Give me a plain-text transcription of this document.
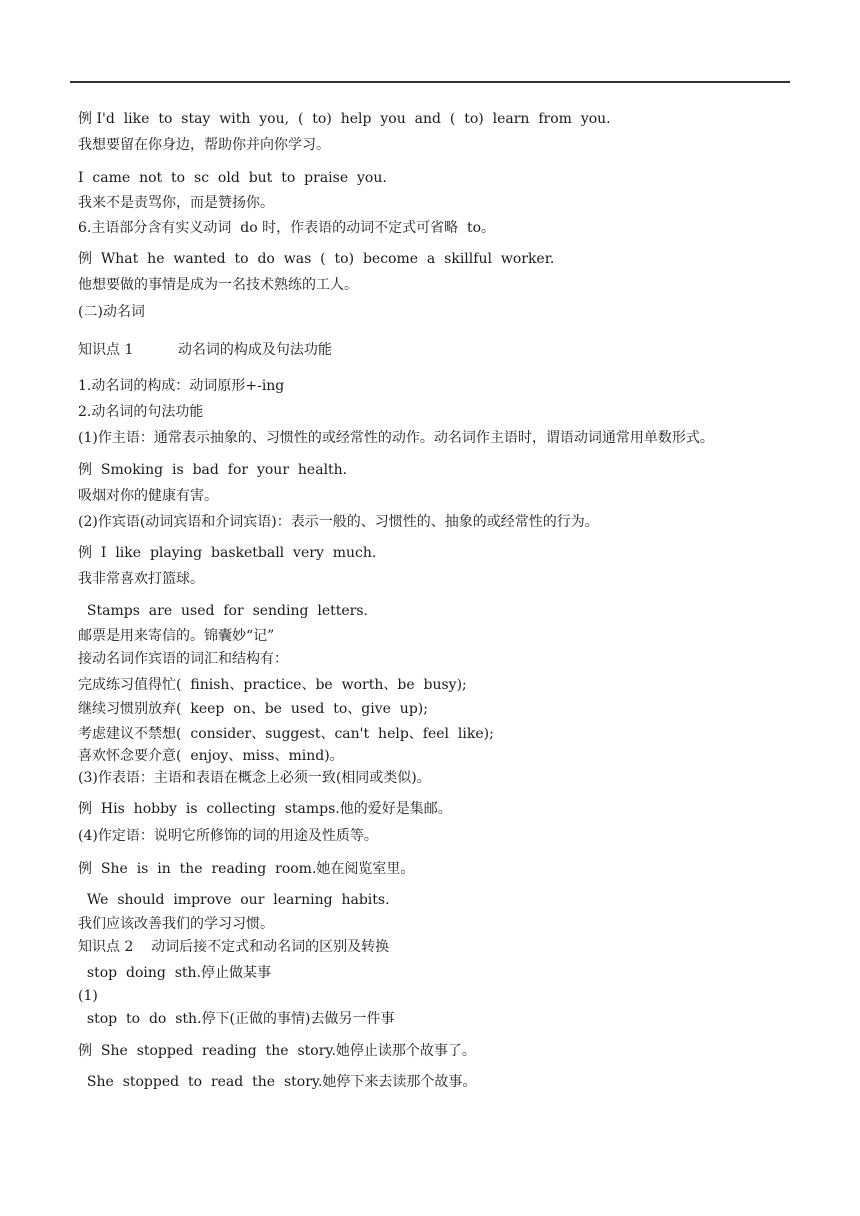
例 I'd  like  to  stay  with  you,  (  to)  help  you  and  (  to)  learn  from  you.
我想要留在你身边，帮助你并向你学习。
I  came  not  to  sc  old  but  to  praise  you.
我来不是责骂你，而是赞扬你。
6.主语部分含有实义动词  do 时，作表语的动词不定式可省略  to。
例  What  he  wanted  to  do  was  (  to)  become  a  skillful  worker.
他想要做的事情是成为一名技术熟练的工人。
(二)动名词
知识点 1          动名词的构成及句法功能
1.动名词的构成：动词原形+-ing
2.动名词的句法功能
(1)作主语：通常表示抽象的、习惯性的或经常性的动作。动名词作主语时，谓语动词通常用单数形式。
例  Smoking  is  bad  for  your  health.
吸烟对你的健康有害。
(2)作宾语(动词宾语和介词宾语)：表示一般的、习惯性的、抽象的或经常性的行为。
例  I  like  playing  basketball  very  much.
我非常喜欢打篮球。
Stamps  are  used  for  sending  letters.
邮票是用来寄信的。锦囊妙“记”
接动名词作宾语的词汇和结构有：
完成练习值得忙(  finish、practice、be  worth、be  busy);
继续习惯别放弃(  keep  on、be  used  to、give  up);
考虑建议不禁想(  consider、suggest、can't  help、feel  like);
喜欢怀念要介意(  enjoy、miss、mind)。
(3)作表语：主语和表语在概念上必须一致(相同或类似)。
例  His  hobby  is  collecting  stamps.他的爱好是集邮。
(4)作定语：说明它所修饰的词的用途及性质等。
例  She  is  in  the  reading  room.她在阅览室里。
We  should  improve  our  learning  habits.
我们应该改善我们的学习习惯。
知识点 2    动词后接不定式和动名词的区别及转换
stop  doing  sth.停止做某事
(1)
stop  to  do  sth.停下(正做的事情)去做另一件事
例  She  stopped  reading  the  story.她停止读那个故事了。
She  stopped  to  read  the  story.她停下来去读那个故事。
